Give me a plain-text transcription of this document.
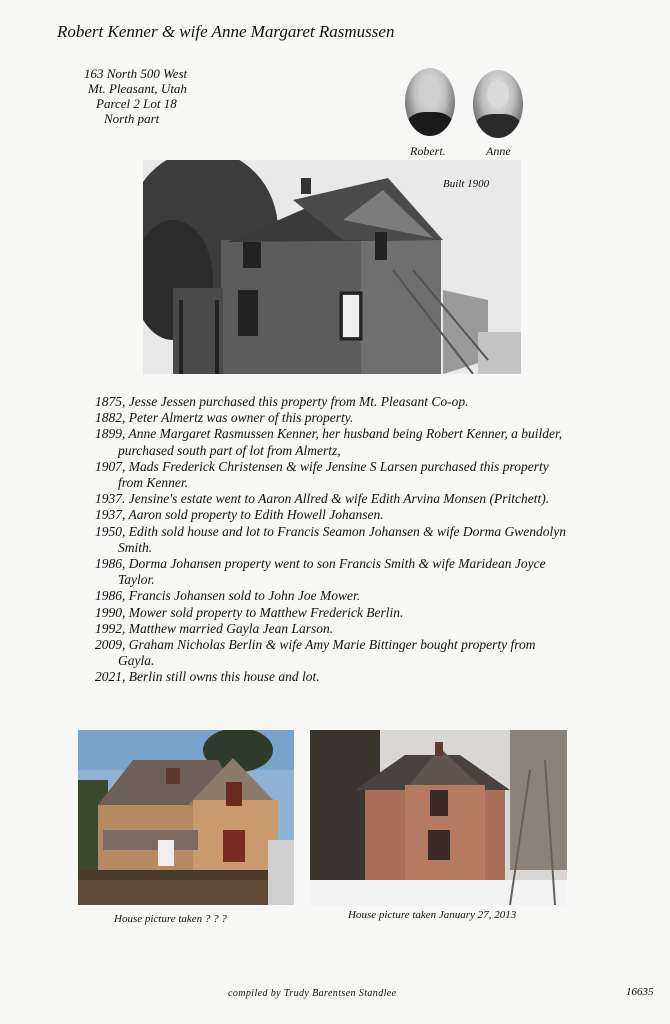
Robert Kenner & wife Anne Margaret Rasmussen
163 North 500 West
Mt. Pleasant, Utah
Parcel 2 Lot 18
North part
Robert.	Anne
Built 1900
1875, Jesse Jessen purchased this property from Mt. Pleasant Co-op.
1882, Peter Almertz was owner of this property.
1899, Anne Margaret Rasmussen Kenner, her husband being Robert Kenner, a builder, purchased south part of lot from Almertz,
1907, Mads Frederick Christensen & wife Jensine S Larsen purchased this property from Kenner.
1937. Jensine's estate went to Aaron Allred & wife Edith Arvina Monsen (Pritchett).
1937, Aaron sold property to Edith Howell Johansen.
1950, Edith sold house and lot to Francis Seamon Johansen & wife Dorma Gwendolyn Smith.
1986, Dorma Johansen property went to son Francis Smith & wife Maridean Joyce Taylor.
1986, Francis Johansen sold to John Joe Mower.
1990, Mower sold property to Matthew Frederick Berlin.
1992, Matthew married Gayla Jean Larson.
2009, Graham Nicholas Berlin & wife Amy Marie Bittinger bought property from Gayla.
2021, Berlin still owns this house and lot.
House picture taken ? ? ?	House picture taken January 27, 2013
compiled by Trudy Barentsen Standlee	16635
